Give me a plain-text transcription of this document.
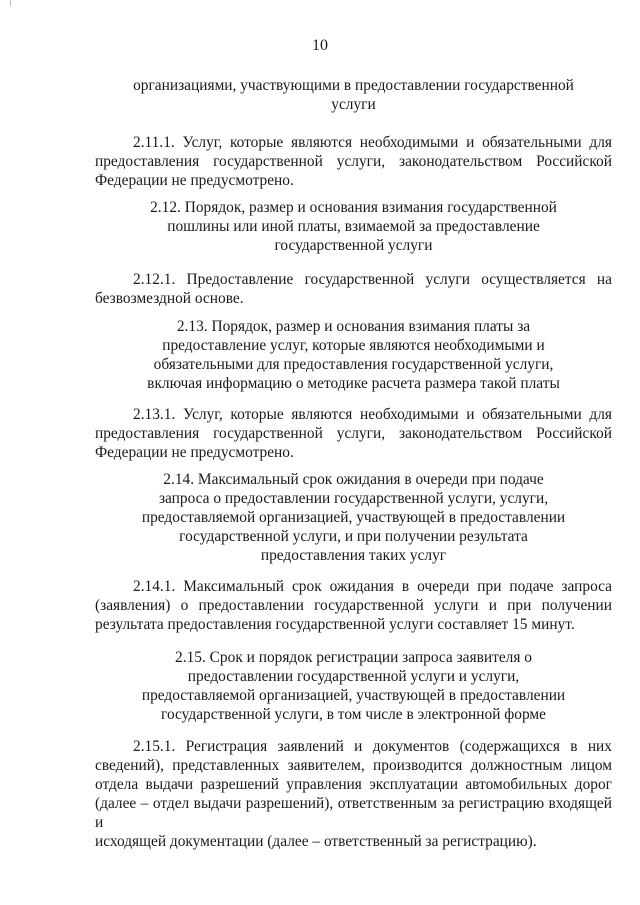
10
организациями, участвующими в предоставлении государственной
услуги
2.11.1. Услуг, которые являются необходимыми и обязательными для
предоставления государственной услуги, законодательством Российской
Федерации не предусмотрено.
2.12. Порядок, размер и основания взимания государственной
пошлины или иной платы, взимаемой за предоставление
государственной услуги
2.12.1. Предоставление государственной услуги осуществляется на
безвозмездной основе.
2.13. Порядок, размер и основания взимания платы за
предоставление услуг, которые являются необходимыми и
обязательными для предоставления государственной услуги,
включая информацию о методике расчета размера такой платы
2.13.1. Услуг, которые являются необходимыми и обязательными для
предоставления государственной услуги, законодательством Российской
Федерации не предусмотрено.
2.14. Максимальный срок ожидания в очереди при подаче
запроса о предоставлении государственной услуги, услуги,
предоставляемой организацией, участвующей в предоставлении
государственной услуги, и при получении результата
предоставления таких услуг
2.14.1. Максимальный срок ожидания в очереди при подаче запроса
(заявления) о предоставлении государственной услуги и при получении
результата предоставления государственной услуги составляет 15 минут.
2.15. Срок и порядок регистрации запроса заявителя о
предоставлении государственной услуги и услуги,
предоставляемой организацией, участвующей в предоставлении
государственной услуги, в том числе в электронной форме
2.15.1. Регистрация заявлений и документов (содержащихся в них
сведений), представленных заявителем, производится должностным лицом
отдела выдачи разрешений управления эксплуатации автомобильных дорог
(далее – отдел выдачи разрешений), ответственным за регистрацию входящей и
исходящей документации (далее – ответственный за регистрацию).
